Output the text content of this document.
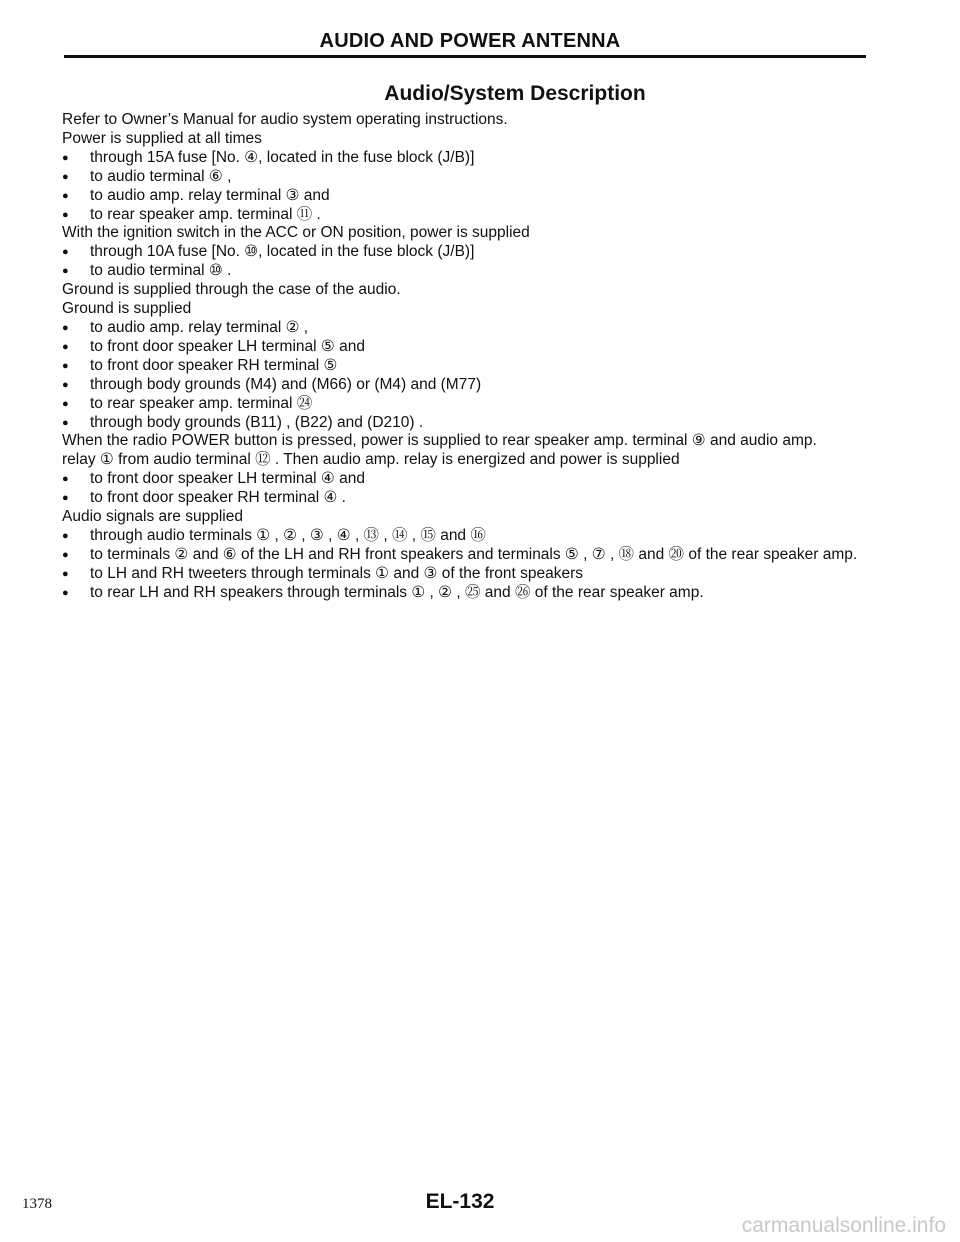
AUDIO AND POWER ANTENNA
Audio/System Description
Refer to Owner’s Manual for audio system operating instructions.
Power is supplied at all times
●	through 15A fuse [No. ④, located in the fuse block (J/B)]
●	to audio terminal ⑥ ,
●	to audio amp. relay terminal ③ and
●	to rear speaker amp. terminal ⑪ .
With the ignition switch in the ACC or ON position, power is supplied
●	through 10A fuse [No. ⑩, located in the fuse block (J/B)]
●	to audio terminal ⑩ .
Ground is supplied through the case of the audio.
Ground is supplied
●	to audio amp. relay terminal ② ,
●	to front door speaker LH terminal ⑤ and
●	to front door speaker RH terminal ⑤
●	through body grounds (M4) and (M66) or (M4) and (M77)
●	to rear speaker amp. terminal ㉔
●	through body grounds (B11) , (B22) and (D210) .
When the radio POWER button is pressed, power is supplied to rear speaker amp. terminal ⑨ and audio amp.
relay ① from audio terminal ⑫ . Then audio amp. relay is energized and power is supplied
●	to front door speaker LH terminal ④ and
●	to front door speaker RH terminal ④ .
Audio signals are supplied
●	through audio terminals ① , ② , ③ , ④ , ⑬ , ⑭ , ⑮ and ⑯
●	to terminals ② and ⑥ of the LH and RH front speakers and terminals ⑤ , ⑦ , ⑱ and ⑳ of the rear speaker amp.
●	to LH and RH tweeters through terminals ① and ③ of the front speakers
●	to rear LH and RH speakers through terminals ① , ② , ㉕ and ㉖ of the rear speaker amp.
1378	EL-132
carmanualsonline.info
